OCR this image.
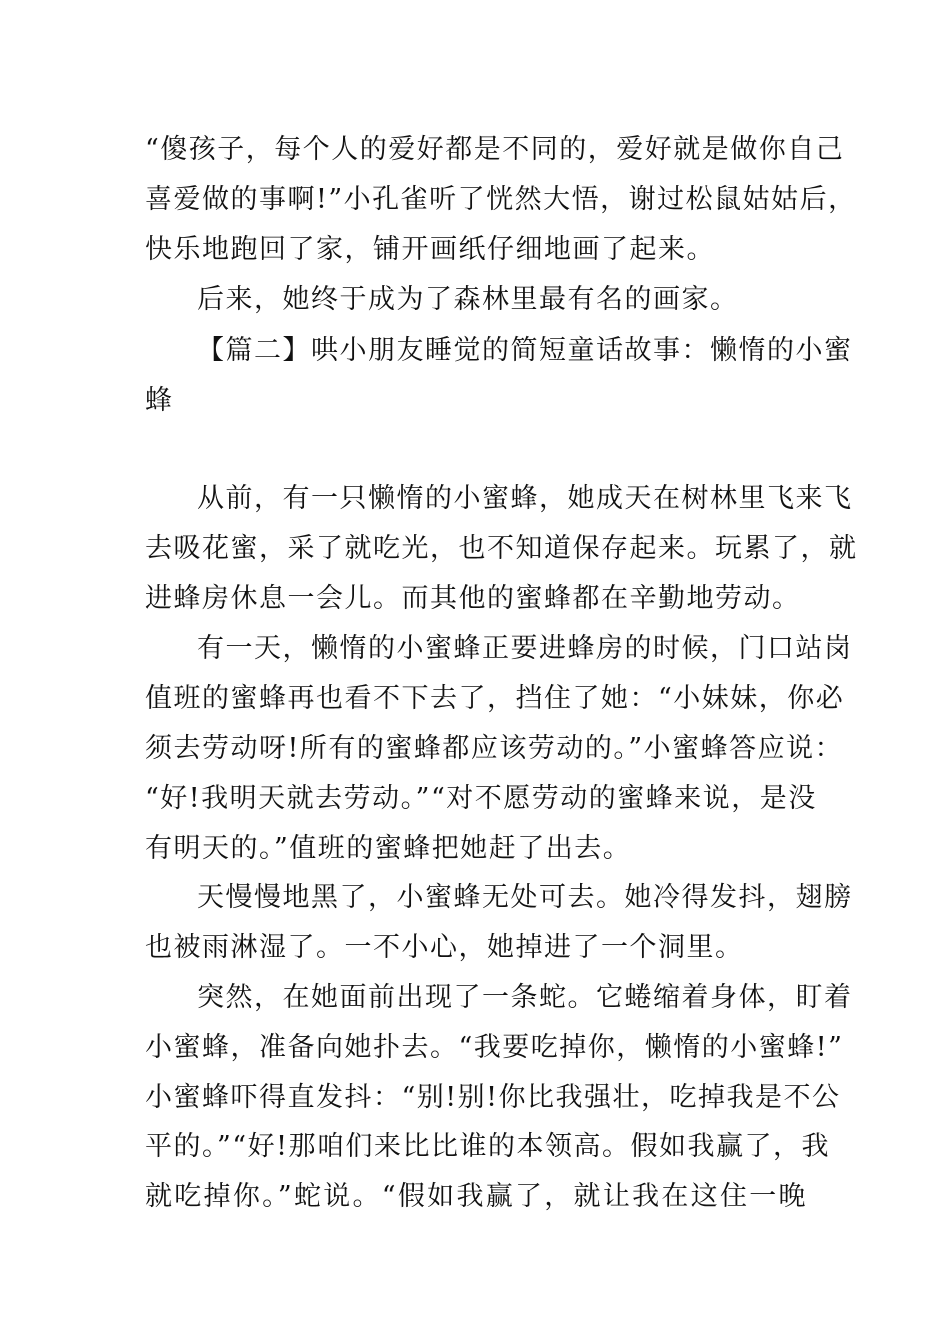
“傻孩子，每个人的爱好都是不同的，爱好就是做你自己
喜爱做的事啊!”小孔雀听了恍然大悟，谢过松鼠姑姑后，
快乐地跑回了家，铺开画纸仔细地画了起来。
后来，她终于成为了森林里最有名的画家。
【篇二】哄小朋友睡觉的简短童话故事：懒惰的小蜜
蜂
从前，有一只懒惰的小蜜蜂，她成天在树林里飞来飞
去吸花蜜，采了就吃光，也不知道保存起来。玩累了，就
进蜂房休息一会儿。而其他的蜜蜂都在辛勤地劳动。
有一天，懒惰的小蜜蜂正要进蜂房的时候，门口站岗
值班的蜜蜂再也看不下去了，挡住了她：“小妹妹，你必
须去劳动呀!所有的蜜蜂都应该劳动的。”小蜜蜂答应说：
“好!我明天就去劳动。”“对不愿劳动的蜜蜂来说，是没
有明天的。”值班的蜜蜂把她赶了出去。
天慢慢地黑了，小蜜蜂无处可去。她冷得发抖，翅膀
也被雨淋湿了。一不小心，她掉进了一个洞里。
突然，在她面前出现了一条蛇。它蜷缩着身体，盯着
小蜜蜂，准备向她扑去。“我要吃掉你，懒惰的小蜜蜂!”
小蜜蜂吓得直发抖：“别!别!你比我强壮，吃掉我是不公
平的。”“好!那咱们来比比谁的本领高。假如我赢了，我
就吃掉你。”蛇说。“假如我赢了，就让我在这住一晚
